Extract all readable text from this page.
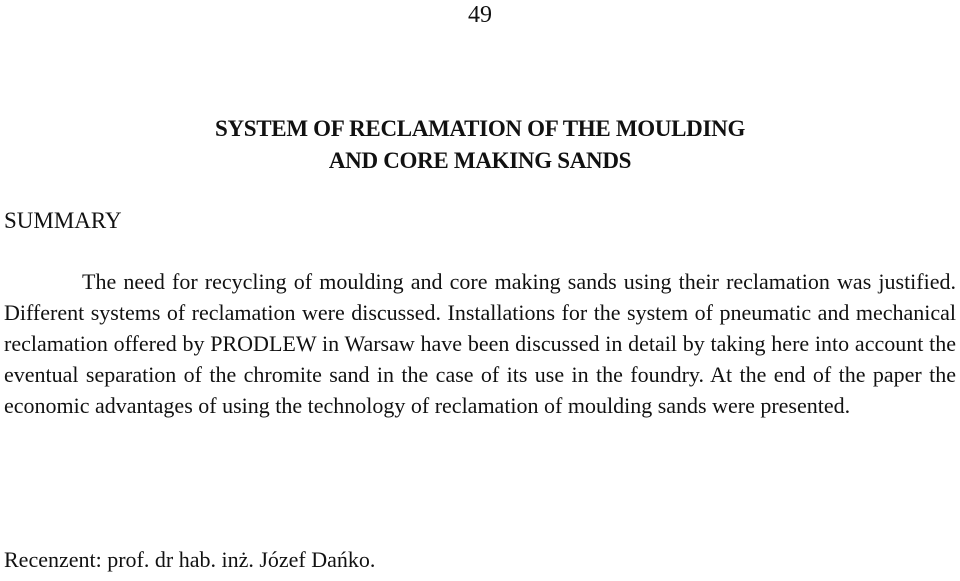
49
SYSTEM OF RECLAMATION OF THE MOULDING
AND CORE MAKING SANDS
SUMMARY

The need for recycling of moulding and core making sands using their reclamation was justified. Different systems of reclamation were discussed. Installations for the system of pneumatic and mechanical reclamation offered by PRODLEW in Warsaw have been discussed in detail by taking here into account the eventual separation of the chromite sand in the case of its use in the foundry. At the end of the paper the economic advantages of using the technology of reclamation of moulding sands were presented.

Recenzent: prof. dr hab. inż. Józef Dańko.
